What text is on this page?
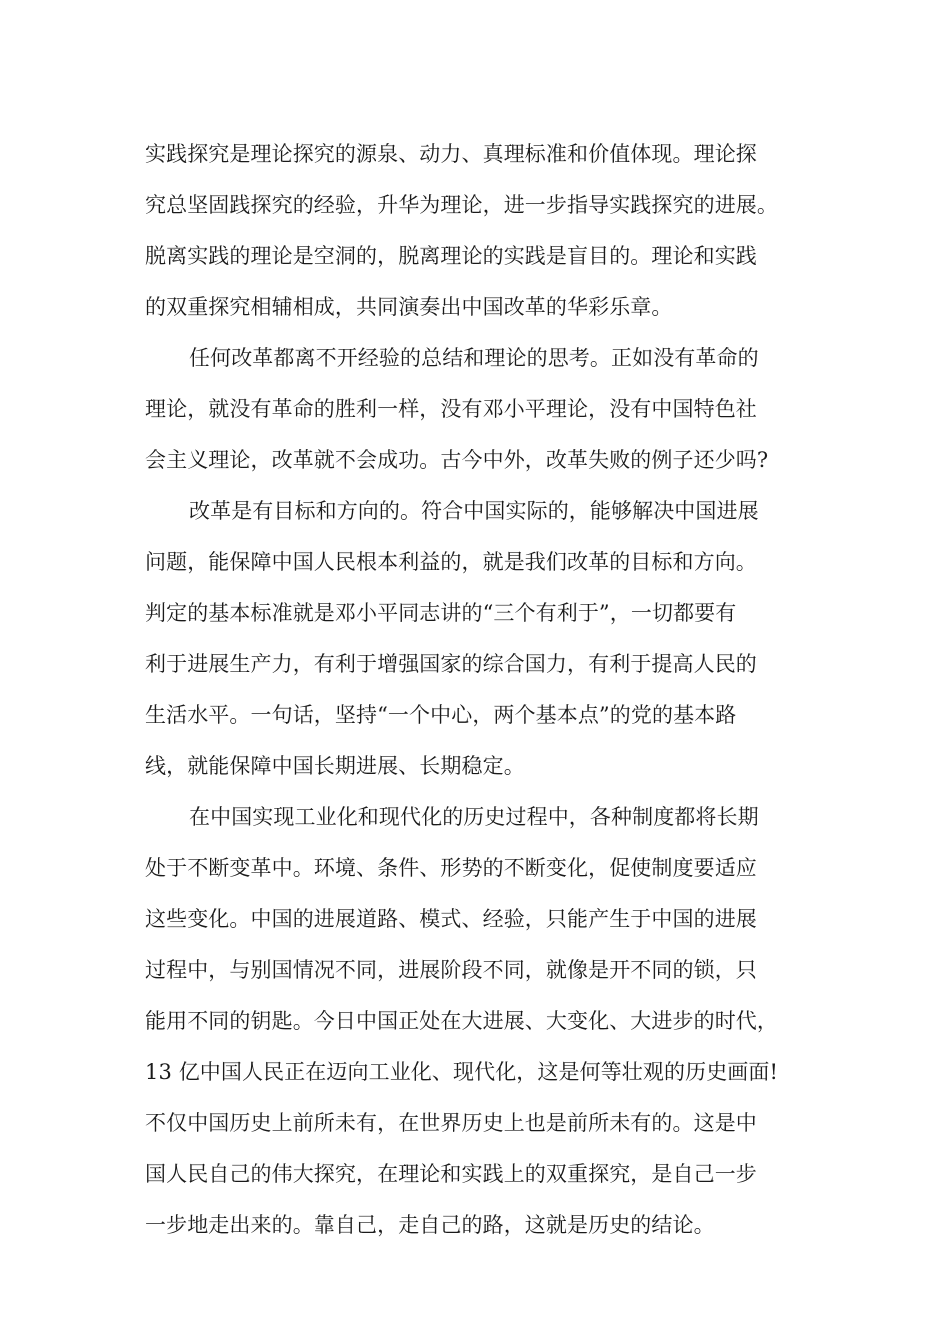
实践探究是理论探究的源泉、动力、真理标准和价值体现。理论探
究总坚固践探究的经验，升华为理论，进一步指导实践探究的进展。
脱离实践的理论是空洞的，脱离理论的实践是盲目的。理论和实践
的双重探究相辅相成，共同演奏出中国改革的华彩乐章。
任何改革都离不开经验的总结和理论的思考。正如没有革命的
理论，就没有革命的胜利一样，没有邓小平理论，没有中国特色社
会主义理论，改革就不会成功。古今中外，改革失败的例子还少吗?
改革是有目标和方向的。符合中国实际的，能够解决中国进展
问题，能保障中国人民根本利益的，就是我们改革的目标和方向。
判定的基本标准就是邓小平同志讲的“三个有利于”，一切都要有
利于进展生产力，有利于增强国家的综合国力，有利于提高人民的
生活水平。一句话，坚持“一个中心，两个基本点”的党的基本路
线，就能保障中国长期进展、长期稳定。
在中国实现工业化和现代化的历史过程中，各种制度都将长期
处于不断变革中。环境、条件、形势的不断变化，促使制度要适应
这些变化。中国的进展道路、模式、经验，只能产生于中国的进展
过程中，与别国情况不同，进展阶段不同，就像是开不同的锁，只
能用不同的钥匙。今日中国正处在大进展、大变化、大进步的时代，
13 亿中国人民正在迈向工业化、现代化，这是何等壮观的历史画面!
不仅中国历史上前所未有，在世界历史上也是前所未有的。这是中
国人民自己的伟大探究，在理论和实践上的双重探究，是自己一步
一步地走出来的。靠自己，走自己的路，这就是历史的结论。
